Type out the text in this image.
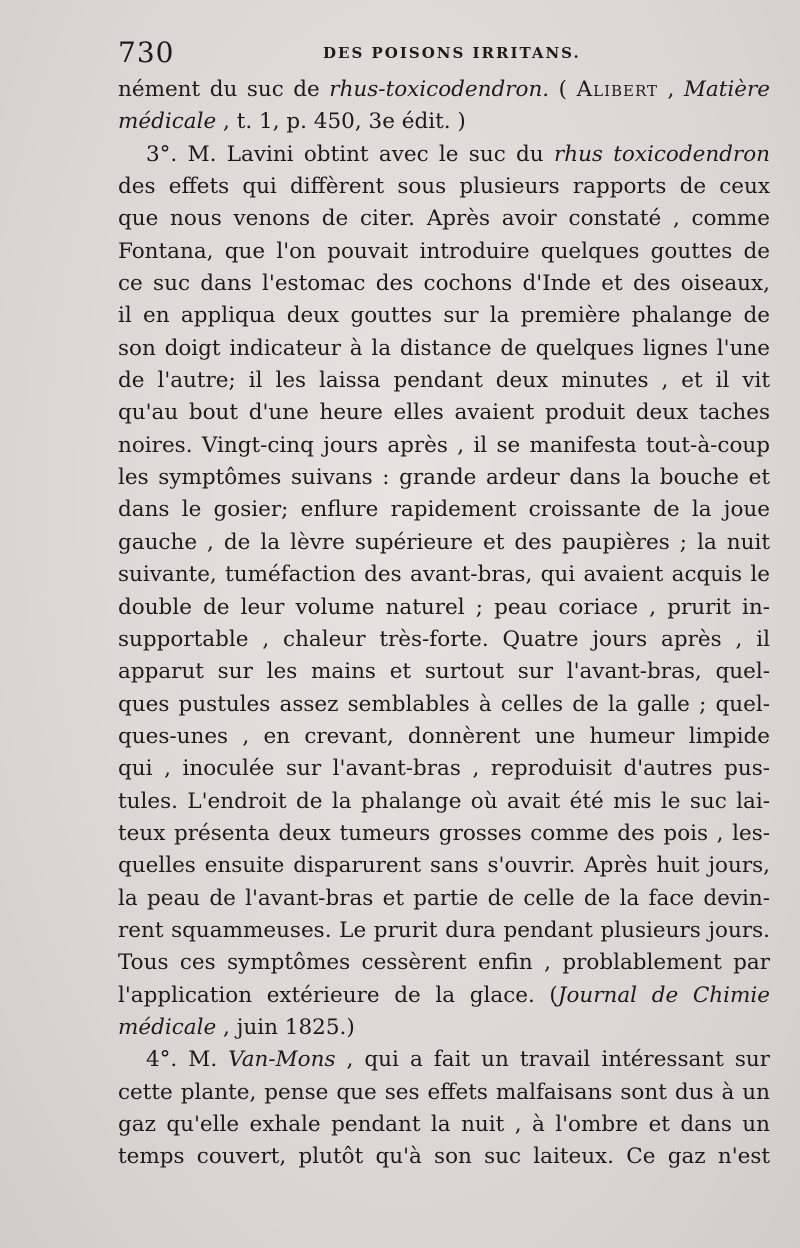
730	DES POISONS IRRITANS.
nément du suc de rhus-toxicodendron. ( Alibert , Matière
médicale , t. 1, p. 450, 3e édit. )
3°. M. Lavini obtint avec le suc du rhus toxicodendron
des effets qui diffèrent sous plusieurs rapports de ceux
que nous venons de citer. Après avoir constaté , comme
Fontana, que l'on pouvait introduire quelques gouttes de
ce suc dans l'estomac des cochons d'Inde et des oiseaux,
il en appliqua deux gouttes sur la première phalange de
son doigt indicateur à la distance de quelques lignes l'une
de l'autre; il les laissa pendant deux minutes , et il vit
qu'au bout d'une heure elles avaient produit deux taches
noires. Vingt-cinq jours après , il se manifesta tout-à-coup
les symptômes suivans : grande ardeur dans la bouche et
dans le gosier; enflure rapidement croissante de la joue
gauche , de la lèvre supérieure et des paupières ; la nuit
suivante, tuméfaction des avant-bras, qui avaient acquis le
double de leur volume naturel ; peau coriace , prurit in-
supportable , chaleur très-forte. Quatre jours après , il
apparut sur les mains et surtout sur l'avant-bras, quel-
ques pustules assez semblables à celles de la galle ; quel-
ques-unes , en crevant, donnèrent une humeur limpide
qui , inoculée sur l'avant-bras , reproduisit d'autres pus-
tules. L'endroit de la phalange où avait été mis le suc lai-
teux présenta deux tumeurs grosses comme des pois , les-
quelles ensuite disparurent sans s'ouvrir. Après huit jours,
la peau de l'avant-bras et partie de celle de la face devin-
rent squammeuses. Le prurit dura pendant plusieurs jours.
Tous ces symptômes cessèrent enfin , problablement par
l'application extérieure de la glace. (Journal de Chimie
médicale , juin 1825.)
4°. M. Van-Mons , qui a fait un travail intéressant sur
cette plante, pense que ses effets malfaisans sont dus à un
gaz qu'elle exhale pendant la nuit , à l'ombre et dans un
temps couvert, plutôt qu'à son suc laiteux. Ce gaz n'est
